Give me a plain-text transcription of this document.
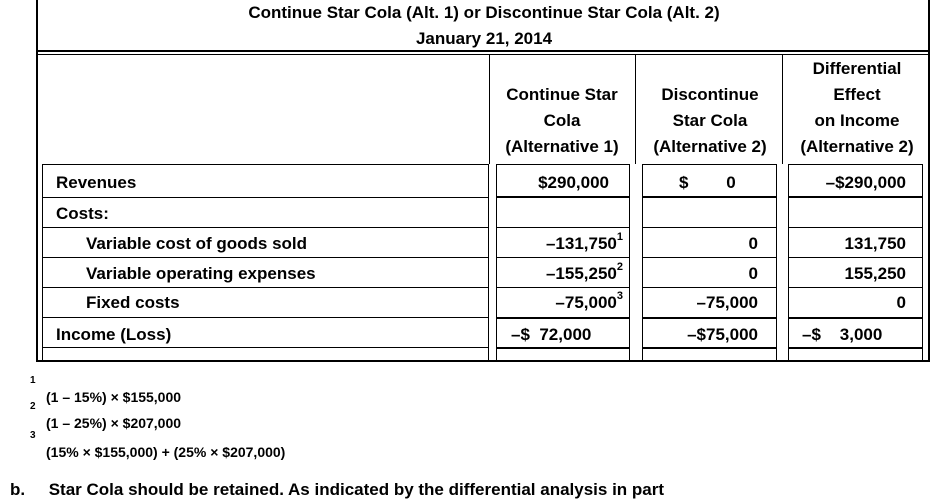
Continue Star Cola (Alt. 1) or Discontinue Star Cola (Alt. 2)
January 21, 2014
Continue Star
Cola
(Alternative 1)
Discontinue
Star Cola
(Alternative 2)
Differential
Effect
on Income
(Alternative 2)
Revenues	$290,000	$        0	–$290,000
Costs:
Variable cost of goods sold	–131,750$^1$	0	131,750
Variable operating expenses	–155,250$^2$	0	155,250
Fixed costs	–75,000$^3$	–75,000	0
Income (Loss)	–$  72,000	–$75,000	–$    3,000
1
(1 – 15%) × $155,000
2
(1 – 25%) × $207,000
3
(15% × $155,000) + (25% × $207,000)
b.     Star Cola should be retained. As indicated by the differential analysis in part
